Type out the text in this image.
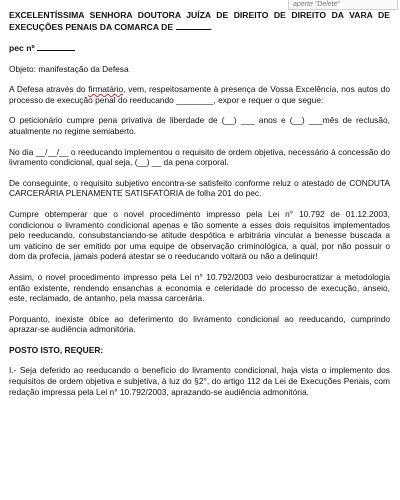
aperte "Delete"

EXCELENTÍSSIMA SENHORA DOUTORA JUÍZA DE DIREITO DE DIREITO DA VARA DE EXECUÇÕES PENAIS DA COMARCA DE	.

pec nº

Objeto: manifestação da Defesa

A Defesa através do firmatário, vem, respeitosamente à presença de Vossa Excelência, nos autos do processo de execução penal do reeducando ________, expor e requer o que segue:

O peticionário cumpre pena privativa de liberdade de (__) ___ anos e (__) ___mês de reclusão, atualmente no regime semiaberto.

No dia __/__/__ o reeducando implementou o requisito de ordem objetiva, necessário à concessão do livramento condicional, qual seja, (__) __ da pena corporal.

De conseguinte, o requisito subjetivo encontra-se satisfeito conforme reluz o atestado de CONDUTA CARCERÁRIA PLENAMENTE SATISFATÓRIA de folha 201 do pec.

Cumpre obtemperar que o novel procedimento impresso pela Lei n° 10.792 de 01.12.2003, condicionou o livramento condicional apenas e tão somente a esses dois requisitos implementados pelo reeducando, consubstanciando-se atitude despótica e arbitrária vincular a benesse buscada a um vaticino de ser emitido por uma equipe de observação criminológica, a qual, por não possuir o dom da profecia, jamais poderá atestar se o reeducando voltará ou não a delinquir!

Assim, o novel procedimento impresso pela Lei n° 10.792/2003 veio desburocratizar a metodologia então existente, rendendo ensanchas a economia e celeridade do processo de execução, anseio, este, reclamado, de antanho, pela massa carcerária.

Porquanto, inexiste óbice ao deferimento do livramento condicional ao reeducando, cumprindo aprazar-se audiência admonitória.

POSTO ISTO, REQUER:

I.- Seja deferido ao reeducando o benefício do livramento condicional, haja vista o implemento dos requisitos de ordem objetiva e subjetiva, à luz do §2°, do artigo 112 da Lei de Execuções Penais, com redação impressa pela Lei n° 10.792/2003, aprazando-se audiência admonitória.
